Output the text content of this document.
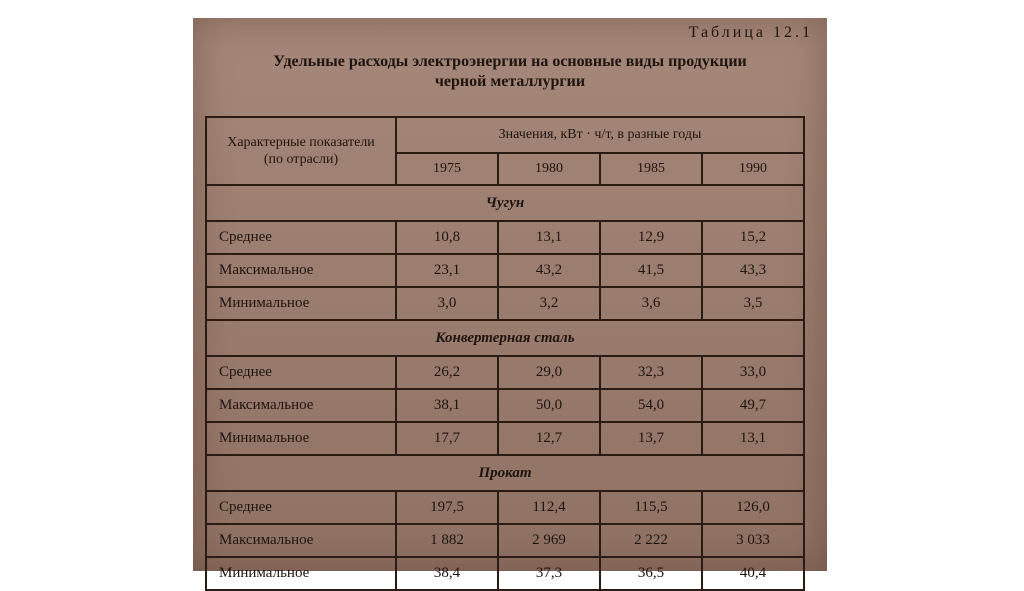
Таблица 12.1
Удельные расходы электроэнергии на основные виды продукции
черной металлургии
Характерные показатели
(по отрасли)	Значения, кВт · ч/т, в разные годы			
	1975	1980	1985	1990
Чугун				
Среднее	10,8	13,1	12,9	15,2
Максимальное	23,1	43,2	41,5	43,3
Минимальное	3,0	3,2	3,6	3,5
Конвертерная сталь				
Среднее	26,2	29,0	32,3	33,0
Максимальное	38,1	50,0	54,0	49,7
Минимальное	17,7	12,7	13,7	13,1
Прокат				
Среднее	197,5	112,4	115,5	126,0
Максимальное	1 882	2 969	2 222	3 033
Минимальное	38,4	37,3	36,5	40,4
